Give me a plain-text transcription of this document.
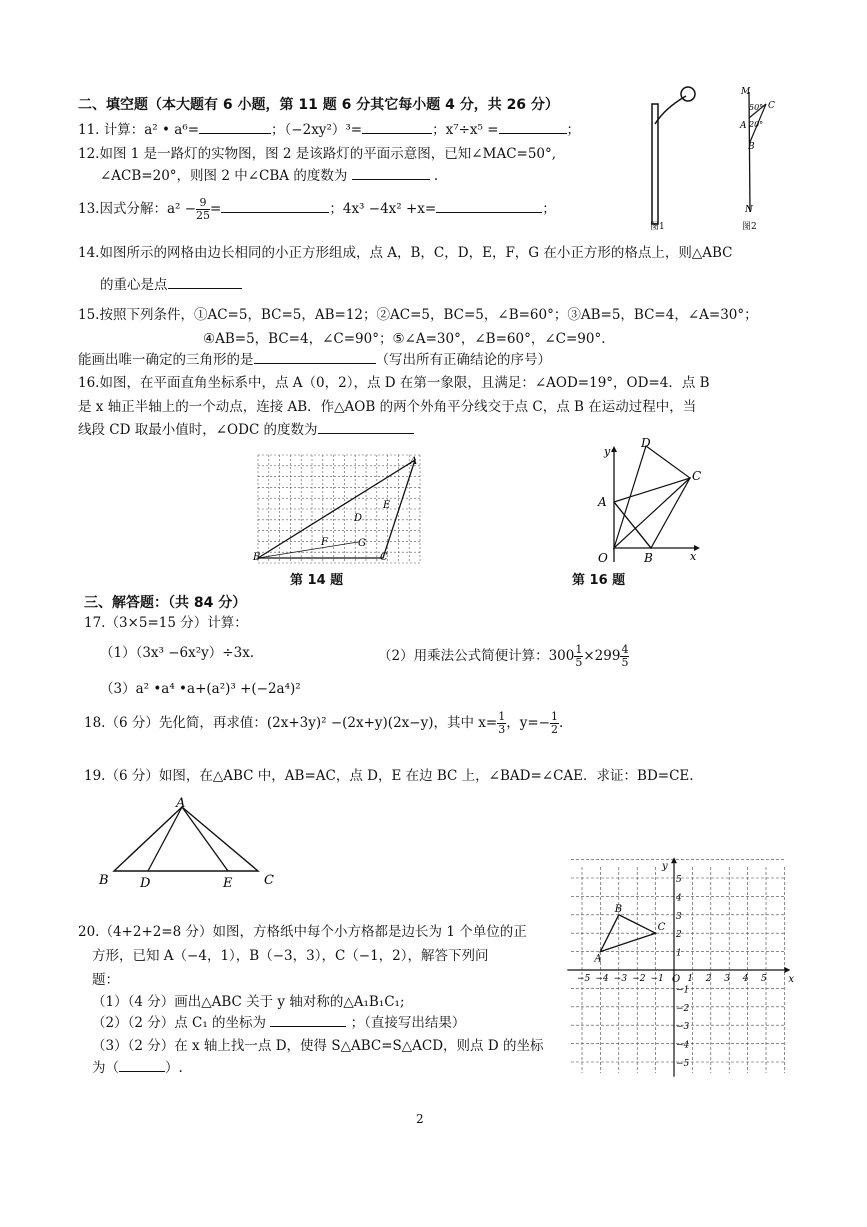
二、填空题（本大题有 6 小题，第 11 题 6 分其它每小题 4 分，共 26 分）
11. 计算：a² • a⁶=	；（−2xy²）³=	；x⁷÷x⁵ =	；
12.如图 1 是一路灯的实物图，图 2 是该路灯的平面示意图，已知∠MAC=50°,
∠ACB=20°，则图 2 中∠CBA 的度数为	.
13.因式分解：$a^2 - \frac{9}{25}$ =	；4x³ −4x² +x=	；
M
50° C
A 20°
B
N
图1	图2
14.如图所示的网格由边长相同的小正方形组成，点 A，B，C，D，E，F，G 在小正方形的格点上，则△ABC
的重心是点
15.按照下列条件，①AC=5，BC=5，AB=12；②AC=5，BC=5，∠B=60°；③AB=5，BC=4，∠A=30°；
④AB=5，BC=4，∠C=90°；⑤∠A=30°，∠B=60°，∠C=90°.
能画出唯一确定的三角形的是	（写出所有正确结论的序号）
16.如图，在平面直角坐标系中，点 A（0，2），点 D 在第一象限，且满足：∠AOD=19°，OD=4．点 B
是 x 轴正半轴上的一个动点，连接 AB．作△AOB 的两个外角平分线交于点 C，点 B 在运动过程中，当
线段 CD 取最小值时，∠ODC 的度数为
A
B	C
D
E
F	G
第 14 题
y
D
C
A
O	B	x
第 16 题
三、解答题：（共 84 分）
17.（3×5=15 分）计算：
（1）（3x³ −6x²y）÷3x.	（2）用乘法公式简便计算：$300 \frac{1}{5} \times 299 \frac{4}{5}$
（3）a² •a⁴ •a+(a²)³ +(−2a⁴)²
18.（6 分）先化简，再求值：(2x+3y)² −(2x+y)(2x−y)，其中 $x= \frac{1}{3}$ ，$y=- \frac{1}{2}$ .
19.（6 分）如图，在△ABC 中，AB=AC，点 D，E 在边 BC 上，∠BAD=∠CAE．求证：BD=CE.
A
B D	E C
20.（4+2+2=8 分）如图，方格纸中每个小方格都是边长为 1 个单位的正
方形，已知 A（−4，1），B（−3，3），C（−1，2），解答下列问
题：
（1）（4 分）画出△ABC 关于 y 轴对称的△A₁B₁C₁;
（2）（2 分）点 C₁ 的坐标为	；（直接写出结果）
（3）（2 分）在 x 轴上找一点 D，使得 S△ABC=S△ACD，则点 D 的坐标
为（	）.
−5 −4 −3 −2 −1	1 2 3 4 5
5
4
3
2
1
−1
−2
−3
−4
−5
y
x
O
A
B
C
2
